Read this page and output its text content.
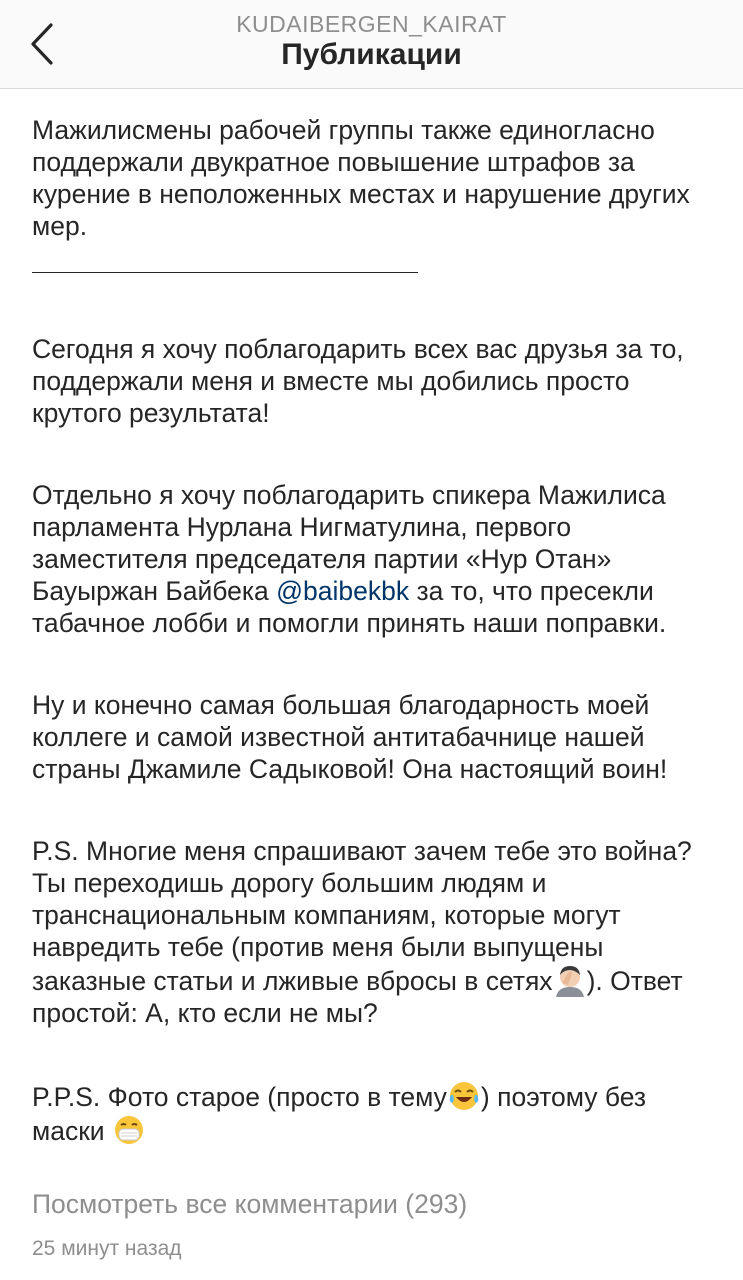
KUDAIBERGEN_KAIRAT
Публикации

Мажилисмены рабочей группы также единогласно поддержали двукратное повышение штрафов за курение в неположенных местах и нарушение других мер.

Сегодня я хочу поблагодарить всех вас друзья за то, поддержали меня и вместе мы добились просто крутого результата!

Отдельно я хочу поблагодарить спикера Мажилиса парламента Нурлана Нигматулина, первого заместителя председателя партии «Нур Отан» Бауыржан Байбека @baibekbk за то, что пресекли табачное лобби и помогли принять наши поправки.

Ну и конечно самая большая благодарность моей коллеге и самой известной антитабачнице нашей страны Джамиле Садыковой! Она настоящий воин!

P.S. Многие меня спрашивают зачем тебе это война? Ты переходишь дорогу большим людям и транснациональным компаниям, которые могут навредить тебе (против меня были выпущены заказные статьи и лживые вбросы в сетях ). Ответ простой: А, кто если не мы?

P.P.S. Фото старое (просто в тему ) поэтому без маски

Посмотреть все комментарии (293)
25 минут назад
